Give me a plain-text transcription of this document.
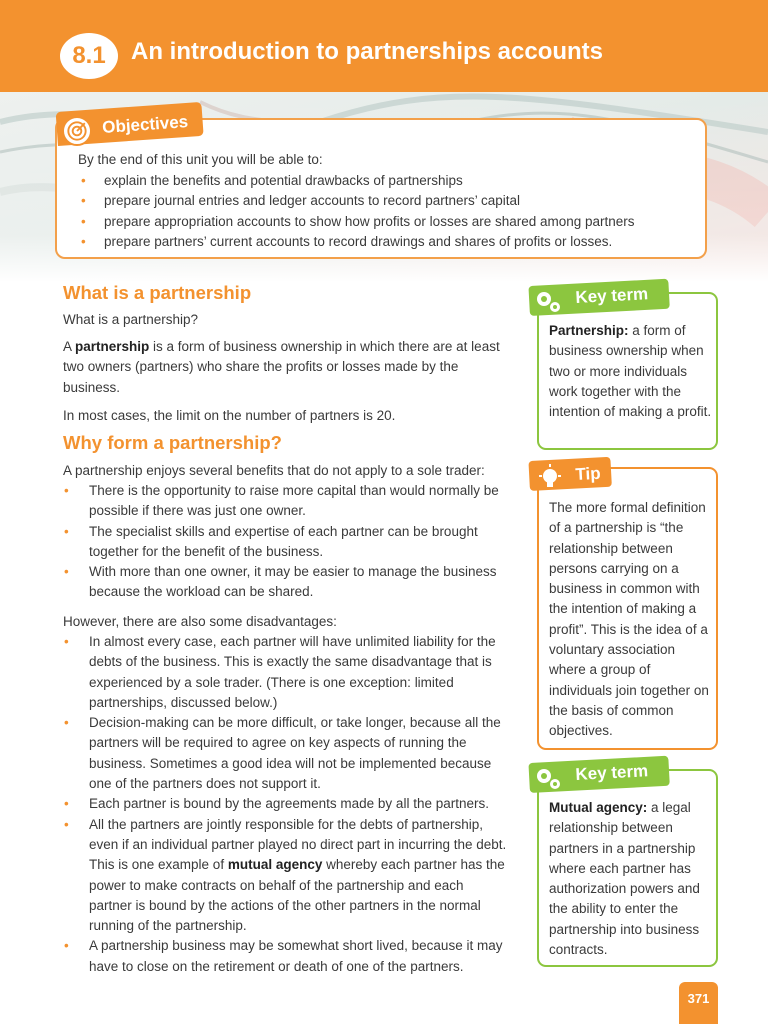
8.1	An introduction to partnerships accounts
Objectives
By the end of this unit you will be able to:
• explain the benefits and potential drawbacks of partnerships
• prepare journal entries and ledger accounts to record partners’ capital
• prepare appropriation accounts to show how profits or losses are shared among partners
• prepare partners’ current accounts to record drawings and shares of profits or losses.
What is a partnership

What is a partnership?

A partnership is a form of business ownership in which there are at least two owners (partners) who share the profits or losses made by the business.

In most cases, the limit on the number of partners is 20.

Why form a partnership?

A partnership enjoys several benefits that do not apply to a sole trader:

• There is the opportunity to raise more capital than would normally be possible if there was just one owner.
• The specialist skills and expertise of each partner can be brought together for the benefit of the business.
• With more than one owner, it may be easier to manage the business because the workload can be shared.

However, there are also some disadvantages:

• In almost every case, each partner will have unlimited liability for the debts of the business. This is exactly the same disadvantage that is experienced by a sole trader. (There is one exception: limited partnerships, discussed below.)
• Decision-making can be more difficult, or take longer, because all the partners will be required to agree on key aspects of running the business. Sometimes a good idea will not be implemented because one of the partners does not support it.
• Each partner is bound by the agreements made by all the partners.
• All the partners are jointly responsible for the debts of partnership, even if an individual partner played no direct part in incurring the debt. This is one example of mutual agency whereby each partner has the power to make contracts on behalf of the partnership and each partner is bound by the actions of the other partners in the normal running of the partnership.
• A partnership business may be somewhat short lived, because it may have to close on the retirement or death of one of the partners.
Key term

Partnership: a form of business ownership when two or more individuals work together with the intention of making a profit.

Tip

The more formal definition of a partnership is “the relationship between persons carrying on a business in common with the intention of making a profit”. This is the idea of a voluntary association where a group of individuals join together on the basis of common objectives.

Key term

Mutual agency: a legal relationship between partners in a partnership where each partner has authorization powers and the ability to enter the partnership into business contracts.

371
